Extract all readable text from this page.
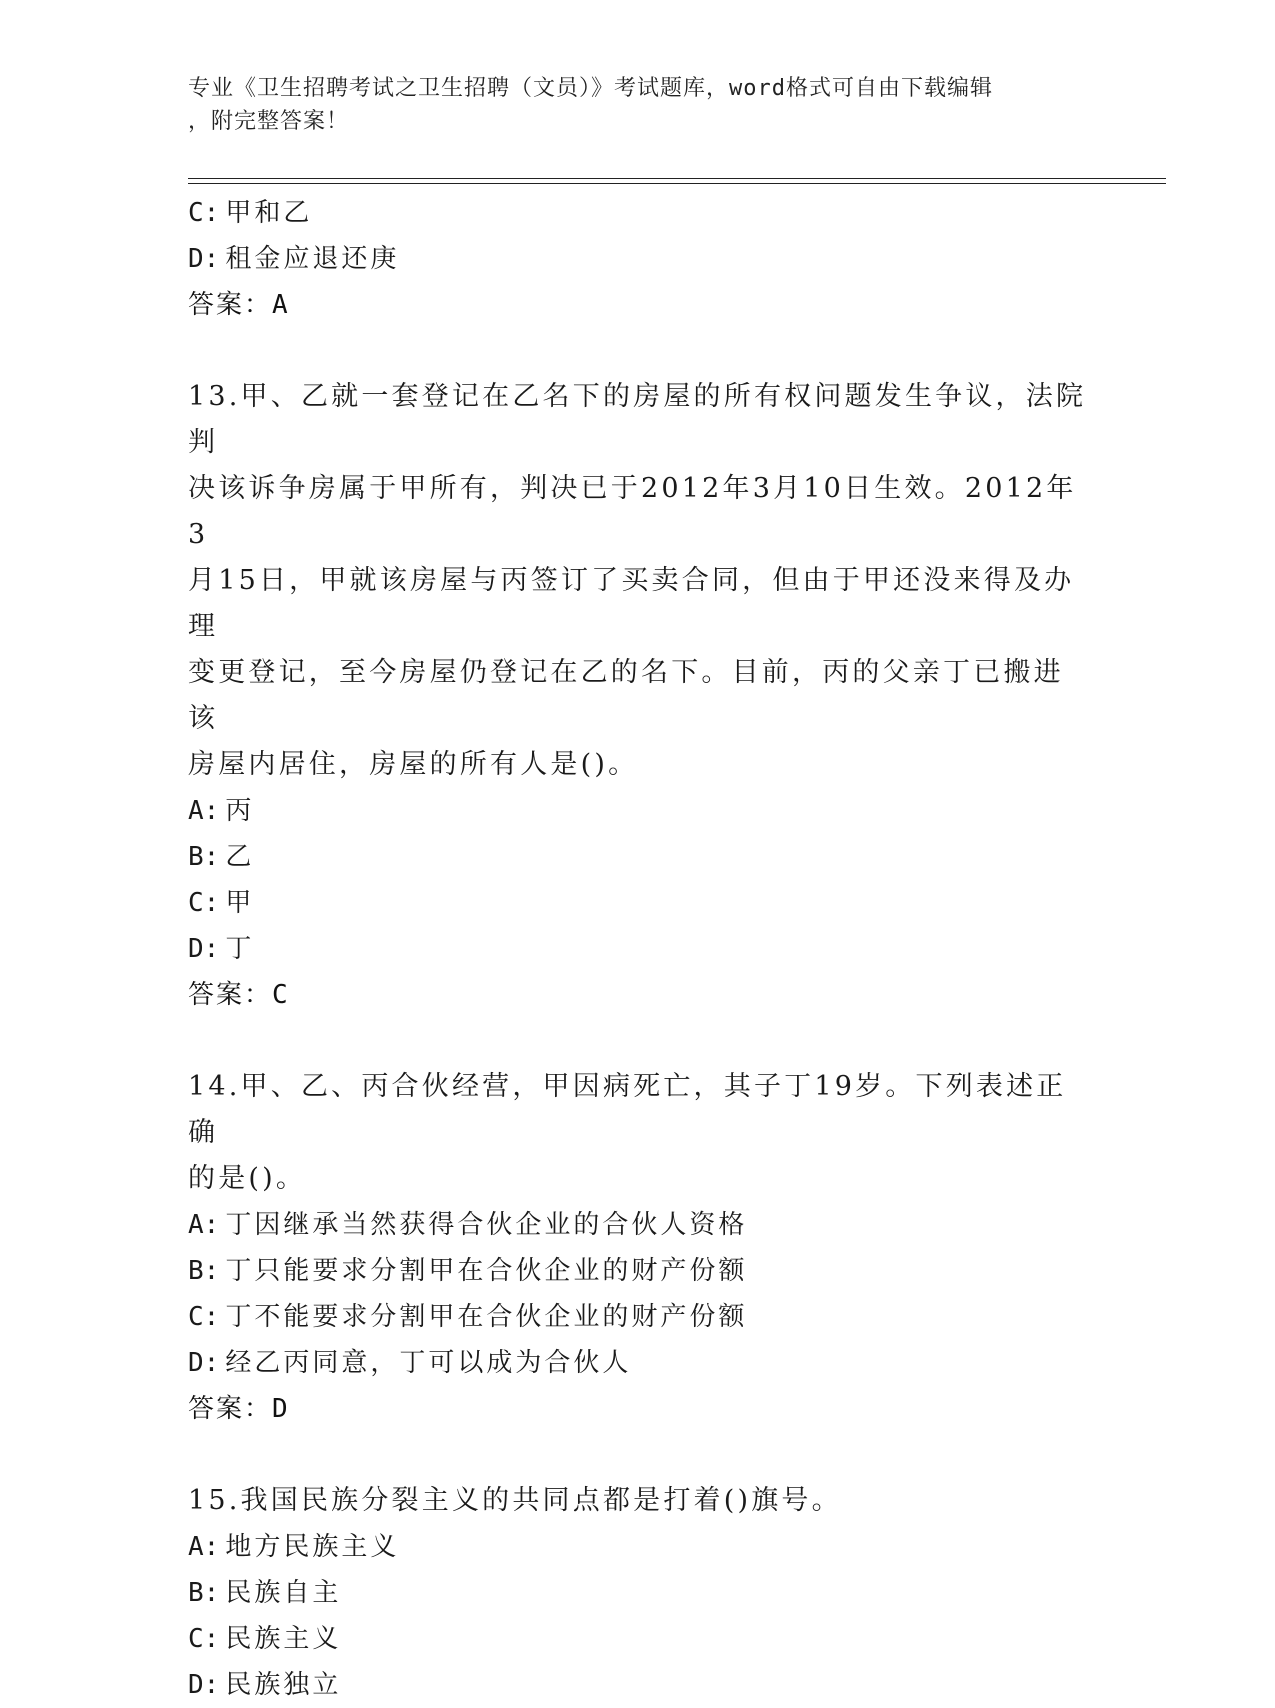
专业《卫生招聘考试之卫生招聘（文员）》考试题库，word格式可自由下载编辑
，附完整答案！
C: 甲和乙
D: 租金应退还庚
答案：A
13.甲、乙就一套登记在乙名下的房屋的所有权问题发生争议，法院判
决该诉争房属于甲所有，判决已于2012年3月10日生效。2012年3
月15日，甲就该房屋与丙签订了买卖合同，但由于甲还没来得及办理
变更登记，至今房屋仍登记在乙的名下。目前，丙的父亲丁已搬进该
房屋内居住，房屋的所有人是()。
A: 丙
B: 乙
C: 甲
D: 丁
答案：C
14.甲、乙、丙合伙经营，甲因病死亡，其子丁19岁。下列表述正确
的是()。
A: 丁因继承当然获得合伙企业的合伙人资格
B: 丁只能要求分割甲在合伙企业的财产份额
C: 丁不能要求分割甲在合伙企业的财产份额
D: 经乙丙同意，丁可以成为合伙人
答案：D
15.我国民族分裂主义的共同点都是打着()旗号。
A: 地方民族主义
B: 民族自主
C: 民族主义
D: 民族独立
